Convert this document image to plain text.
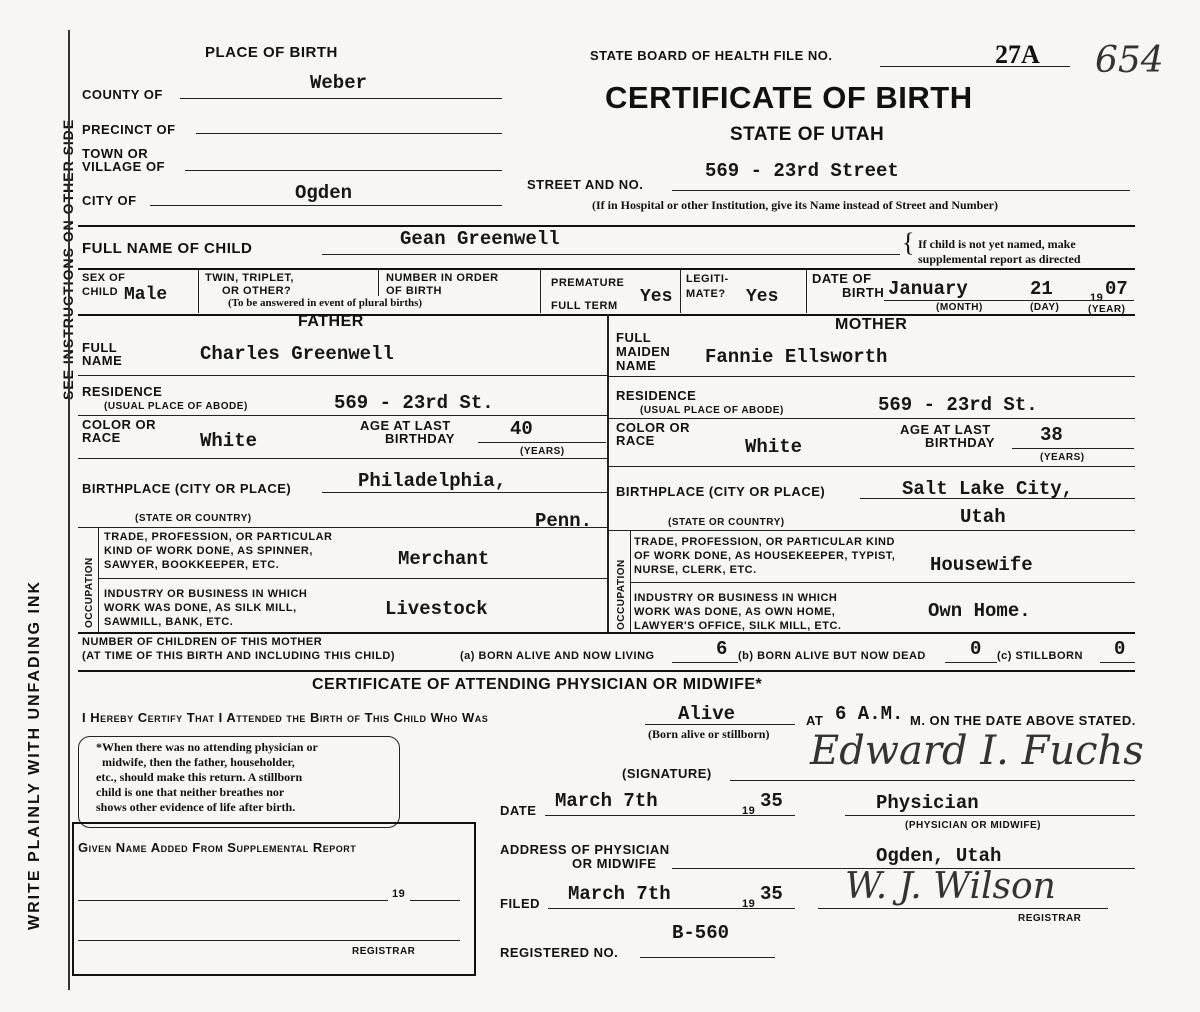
SEE INSTRUCTIONS ON OTHER SIDE
WRITE PLAINLY WITH UNFADING INK
PLACE OF BIRTH	STATE BOARD OF HEALTH FILE NO.	27A 654
CERTIFICATE OF BIRTH
STATE OF UTAH
COUNTY OF
Weber
PRECINCT OF
TOWN OR
VILLAGE OF
CITY OF	Ogden	STREET AND NO.
569 - 23rd Street
(If in Hospital or other Institution, give its Name instead of Street and Number)
FULL NAME OF CHILD	Gean Greenwell	{ If child is not yet named, make
supplemental report as directed
SEX OF
CHILD Male
TWIN, TRIPLET,
OR OTHER?
(To be answered in event of plural births)
NUMBER IN ORDER
OF BIRTH
PREMATURE
FULL TERM Yes
LEGITI-
MATE? Yes
DATE OF
BIRTH January	21	19 07
(MONTH)	(DAY)	(YEAR)
FATHER	MOTHER
FULL
NAME	Charles Greenwell
RESIDENCE
(USUAL PLACE OF ABODE)	569 - 23rd St.
COLOR OR
RACE	White
AGE AT LAST
BIRTHDAY	40
(YEARS)
BIRTHPLACE (CITY OR PLACE)	Philadelphia,
(STATE OR COUNTRY)	Penn.
OCCUPATION
TRADE, PROFESSION, OR PARTICULAR
KIND OF WORK DONE, AS SPINNER,
SAWYER, BOOKKEEPER, ETC.	Merchant
INDUSTRY OR BUSINESS IN WHICH
WORK WAS DONE, AS SILK MILL,
SAWMILL, BANK, ETC.
Livestock
FULL
MAIDEN
NAME	Fannie Ellsworth
RESIDENCE
(USUAL PLACE OF ABODE)	569 - 23rd St.
COLOR OR
RACE	White
AGE AT LAST
BIRTHDAY 38
(YEARS)
BIRTHPLACE (CITY OR PLACE)	Salt Lake City,
(STATE OR COUNTRY)	Utah
OCCUPATION
TRADE, PROFESSION, OR PARTICULAR KIND
OF WORK DONE, AS HOUSEKEEPER, TYPIST,
NURSE, CLERK, ETC.	Housewife
INDUSTRY OR BUSINESS IN WHICH
WORK WAS DONE, AS OWN HOME,
LAWYER'S OFFICE, SILK MILL, ETC.
Own Home.
NUMBER OF CHILDREN OF THIS MOTHER
(AT TIME OF THIS BIRTH AND INCLUDING THIS CHILD)	(a) BORN ALIVE AND NOW LIVING	6 (b) BORN ALIVE BUT NOW DEAD 0 (c) STILLBORN 0
CERTIFICATE OF ATTENDING PHYSICIAN OR MIDWIFE*
I Hereby Certify That I Attended the Birth of This Child Who Was	Alive
(Born alive or stillborn)
AT 6 A.M. M. ON THE DATE ABOVE STATED.
*When there was no attending physician or
midwife, then the father, householder,
etc., should make this return. A stillborn
child is one that neither breathes nor
shows other evidence of life after birth.
(SIGNATURE) Edward I. Fuchs
DATE March 7th	19 35	Physician
(PHYSICIAN OR MIDWIFE)
ADDRESS OF PHYSICIAN
OR MIDWIFE	Ogden, Utah
FILED March 7th	19 35 W. J. Wilson
REGISTRAR
B-560
REGISTERED NO.
Given Name Added From Supplemental Report
19
REGISTRAR
